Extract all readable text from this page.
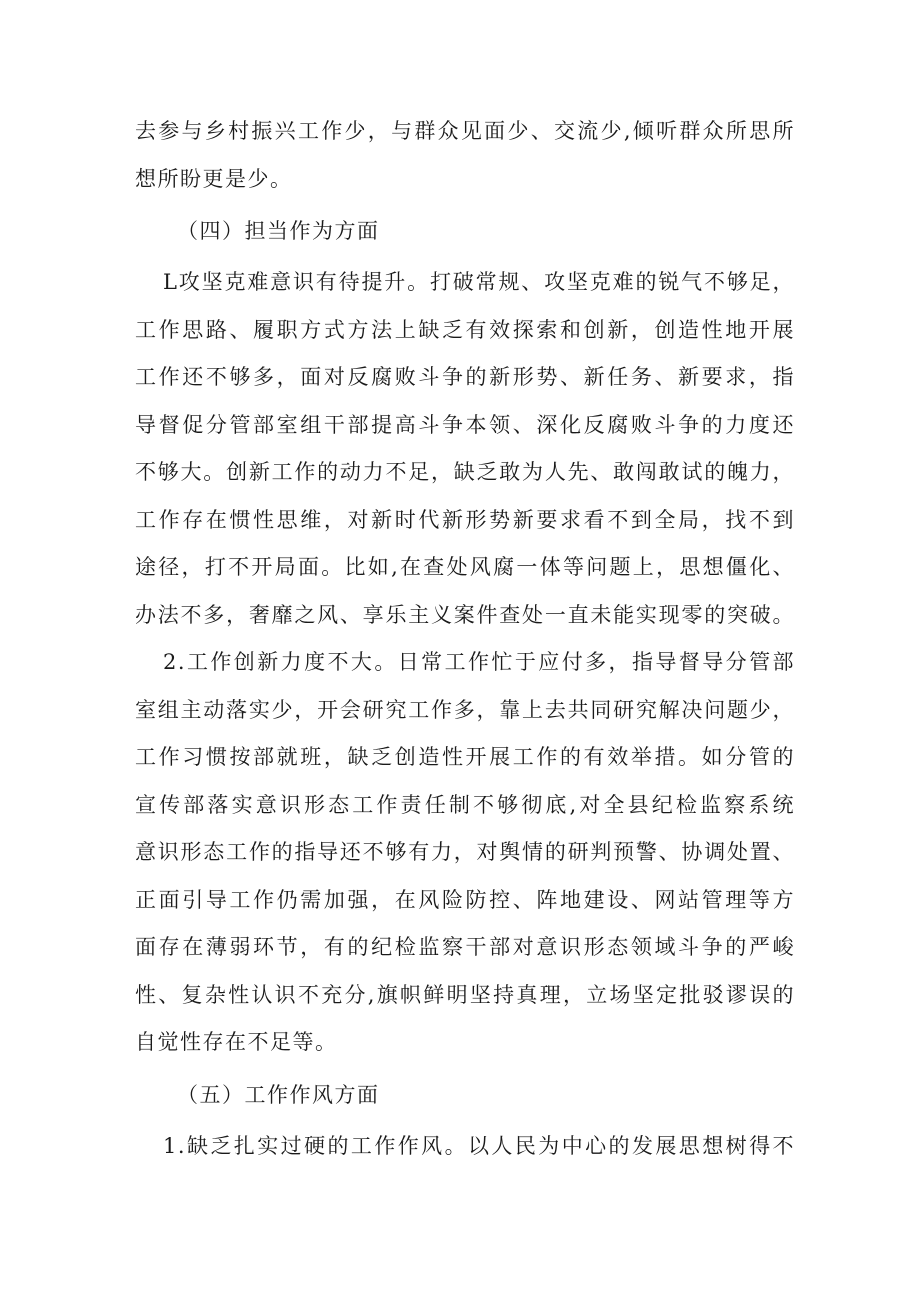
去参与乡村振兴工作少，与群众见面少、交流少,倾听群众所思所
想所盼更是少。
（四）担当作为方面
L攻坚克难意识有待提升。打破常规、攻坚克难的锐气不够足，
工作思路、履职方式方法上缺乏有效探索和创新，创造性地开展
工作还不够多，面对反腐败斗争的新形势、新任务、新要求，指
导督促分管部室组干部提高斗争本领、深化反腐败斗争的力度还
不够大。创新工作的动力不足，缺乏敢为人先、敢闯敢试的魄力，
工作存在惯性思维，对新时代新形势新要求看不到全局，找不到
途径，打不开局面。比如,在查处风腐一体等问题上，思想僵化、
办法不多，奢靡之风、享乐主义案件查处一直未能实现零的突破。
2.工作创新力度不大。日常工作忙于应付多，指导督导分管部
室组主动落实少，开会研究工作多，靠上去共同研究解决问题少，
工作习惯按部就班，缺乏创造性开展工作的有效举措。如分管的
宣传部落实意识形态工作责任制不够彻底,对全县纪检监察系统
意识形态工作的指导还不够有力，对舆情的研判预警、协调处置、
正面引导工作仍需加强，在风险防控、阵地建设、网站管理等方
面存在薄弱环节，有的纪检监察干部对意识形态领域斗争的严峻
性、复杂性认识不充分,旗帜鲜明坚持真理，立场坚定批驳谬误的
自觉性存在不足等。
（五）工作作风方面
1.缺乏扎实过硬的工作作风。以人民为中心的发展思想树得不
